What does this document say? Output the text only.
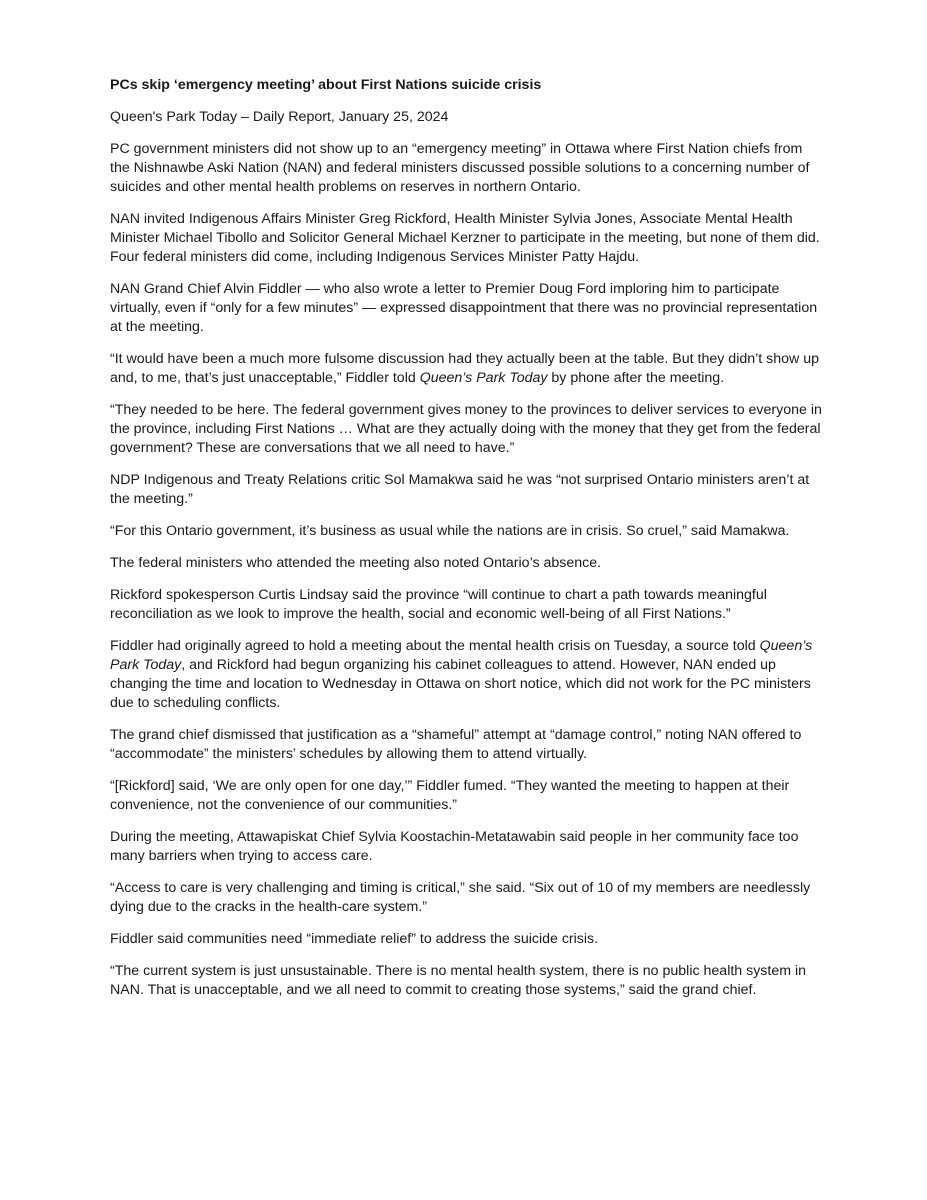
PCs skip ‘emergency meeting’ about First Nations suicide crisis

Queen's Park Today – Daily Report, January 25, 2024

PC government ministers did not show up to an “emergency meeting” in Ottawa where First Nation chiefs from the Nishnawbe Aski Nation (NAN) and federal ministers discussed possible solutions to a concerning number of suicides and other mental health problems on reserves in northern Ontario.

NAN invited Indigenous Affairs Minister Greg Rickford, Health Minister Sylvia Jones, Associate Mental Health Minister Michael Tibollo and Solicitor General Michael Kerzner to participate in the meeting, but none of them did. Four federal ministers did come, including Indigenous Services Minister Patty Hajdu.

NAN Grand Chief Alvin Fiddler — who also wrote a letter to Premier Doug Ford imploring him to participate virtually, even if “only for a few minutes” — expressed disappointment that there was no provincial representation at the meeting.

“It would have been a much more fulsome discussion had they actually been at the table. But they didn’t show up and, to me, that’s just unacceptable,” Fiddler told Queen’s Park Today by phone after the meeting.

“They needed to be here. The federal government gives money to the provinces to deliver services to everyone in the province, including First Nations … What are they actually doing with the money that they get from the federal government? These are conversations that we all need to have.”

NDP Indigenous and Treaty Relations critic Sol Mamakwa said he was “not surprised Ontario ministers aren’t at the meeting.”

“For this Ontario government, it’s business as usual while the nations are in crisis. So cruel,” said Mamakwa.

The federal ministers who attended the meeting also noted Ontario’s absence.

Rickford spokesperson Curtis Lindsay said the province “will continue to chart a path towards meaningful reconciliation as we look to improve the health, social and economic well-being of all First Nations.”

Fiddler had originally agreed to hold a meeting about the mental health crisis on Tuesday, a source told Queen’s Park Today, and Rickford had begun organizing his cabinet colleagues to attend. However, NAN ended up changing the time and location to Wednesday in Ottawa on short notice, which did not work for the PC ministers due to scheduling conflicts.

The grand chief dismissed that justification as a “shameful” attempt at “damage control,” noting NAN offered to “accommodate” the ministers’ schedules by allowing them to attend virtually.

“[Rickford] said, ‘We are only open for one day,’” Fiddler fumed. “They wanted the meeting to happen at their convenience, not the convenience of our communities.”

During the meeting, Attawapiskat Chief Sylvia Koostachin-Metatawabin said people in her community face too many barriers when trying to access care.

“Access to care is very challenging and timing is critical,” she said. “Six out of 10 of my members are needlessly dying due to the cracks in the health-care system.”

Fiddler said communities need “immediate relief” to address the suicide crisis.

“The current system is just unsustainable. There is no mental health system, there is no public health system in NAN. That is unacceptable, and we all need to commit to creating those systems,” said the grand chief.
